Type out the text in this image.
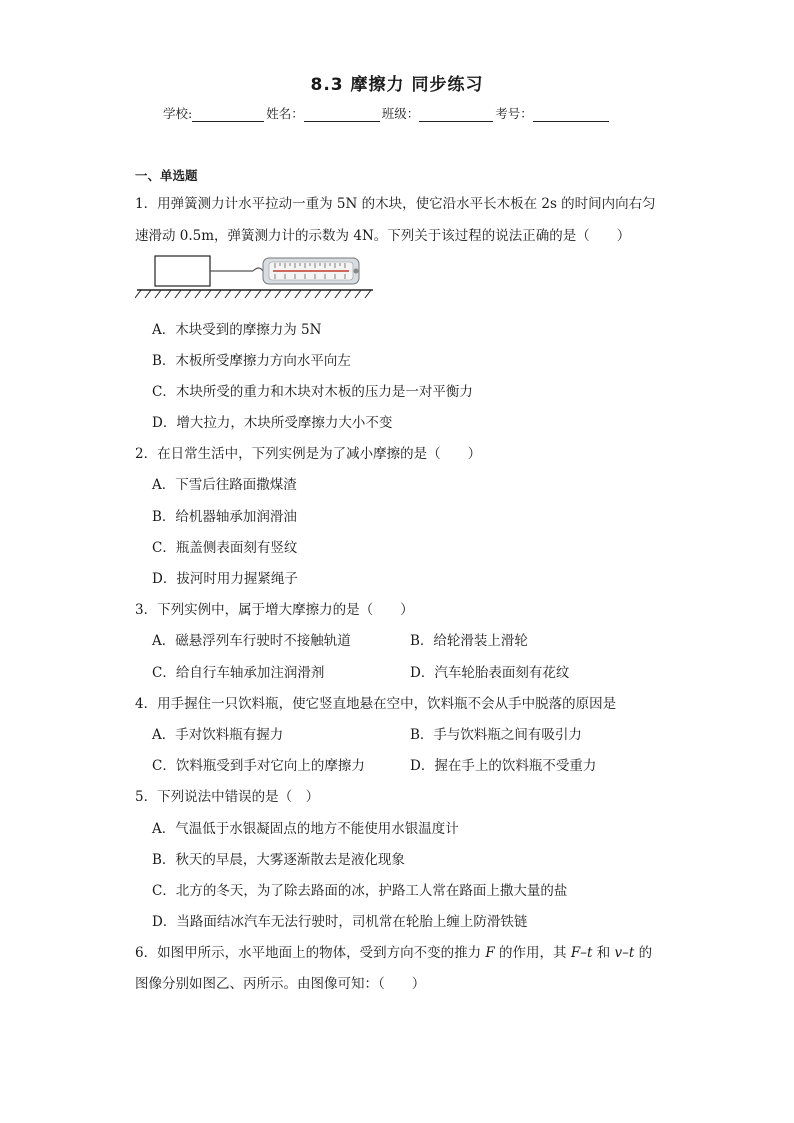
8.3 摩擦力 同步练习
学校:	姓名：	班级：	考号：
一、单选题
1．用弹簧测力计水平拉动一重为 5N 的木块，使它沿水平长木板在 2s 的时间内向右匀
速滑动 0.5m，弹簧测力计的示数为 4N。下列关于该过程的说法正确的是（　　）
A．木块受到的摩擦力为 5N
B．木板所受摩擦力方向水平向左
C．木块所受的重力和木块对木板的压力是一对平衡力
D．增大拉力，木块所受摩擦力大小不变
2．在日常生活中，下列实例是为了减小摩擦的是（　　）
A．下雪后往路面撒煤渣
B．给机器轴承加润滑油
C．瓶盖侧表面刻有竖纹
D．拔河时用力握紧绳子
3．下列实例中，属于增大摩擦力的是（　　）
A．磁悬浮列车行驶时不接触轨道	B．给轮滑装上滑轮
C．给自行车轴承加注润滑剂	D．汽车轮胎表面刻有花纹
4．用手握住一只饮料瓶，使它竖直地悬在空中，饮料瓶不会从手中脱落的原因是
A．手对饮料瓶有握力	B．手与饮料瓶之间有吸引力
C．饮料瓶受到手对它向上的摩擦力	D．握在手上的饮料瓶不受重力
5．下列说法中错误的是（　）
A．气温低于水银凝固点的地方不能使用水银温度计
B．秋天的早晨，大雾逐渐散去是液化现象
C．北方的冬天，为了除去路面的冰，护路工人常在路面上撒大量的盐
D．当路面结冰汽车无法行驶时，司机常在轮胎上缠上防滑铁链
6．如图甲所示，水平地面上的物体，受到方向不变的推力 F 的作用，其 F–t 和 v–t 的
图像分别如图乙、丙所示。由图像可知：（　　）
